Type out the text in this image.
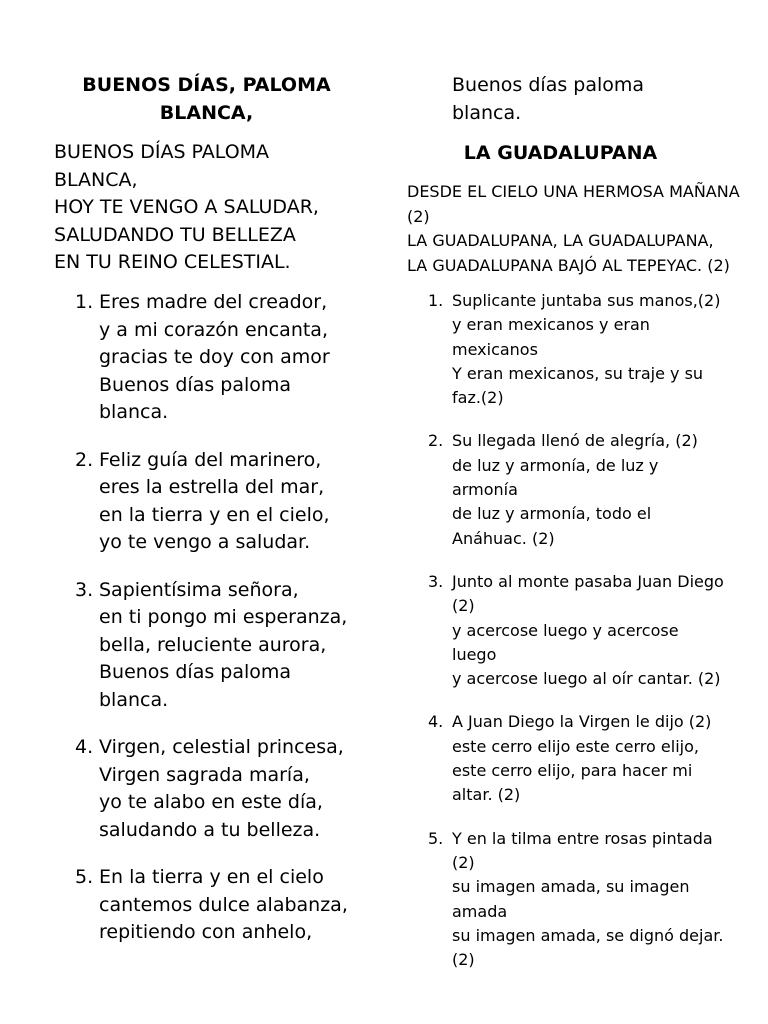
BUENOS DÍAS, PALOMA
BLANCA,
BUENOS DÍAS PALOMA
BLANCA,
HOY TE VENGO A SALUDAR,
SALUDANDO TU BELLEZA
EN TU REINO CELESTIAL.
1. Eres madre del creador,
y a mi corazón encanta,
gracias te doy con amor
Buenos días paloma
blanca.
2. Feliz guía del marinero,
eres la estrella del mar,
en la tierra y en el cielo,
yo te vengo a saludar.
3. Sapientísima señora,
en ti pongo mi esperanza,
bella, reluciente aurora,
Buenos días paloma
blanca.
4. Virgen, celestial princesa,
Virgen sagrada maría,
yo te alabo en este día,
saludando a tu belleza.
5. En la tierra y en el cielo
cantemos dulce alabanza,
repitiendo con anhelo,
Buenos días paloma
blanca.
LA GUADALUPANA
DESDE EL CIELO UNA HERMOSA MAÑANA
(2)
LA GUADALUPANA, LA GUADALUPANA,
LA GUADALUPANA BAJÓ AL TEPEYAC. (2)
1. Suplicante juntaba sus manos,(2)
y eran mexicanos y eran
mexicanos
Y eran mexicanos, su traje y su
faz.(2)
2. Su llegada llenó de alegría, (2)
de luz y armonía, de luz y
armonía
de luz y armonía, todo el
Anáhuac. (2)
3. Junto al monte pasaba Juan Diego
(2)
y acercose luego y acercose
luego
y acercose luego al oír cantar. (2)
4. A Juan Diego la Virgen le dijo (2)
este cerro elijo este cerro elijo,
este cerro elijo, para hacer mi
altar. (2)
5. Y en la tilma entre rosas pintada
(2)
su imagen amada, su imagen
amada
su imagen amada, se dignó dejar.
(2)
